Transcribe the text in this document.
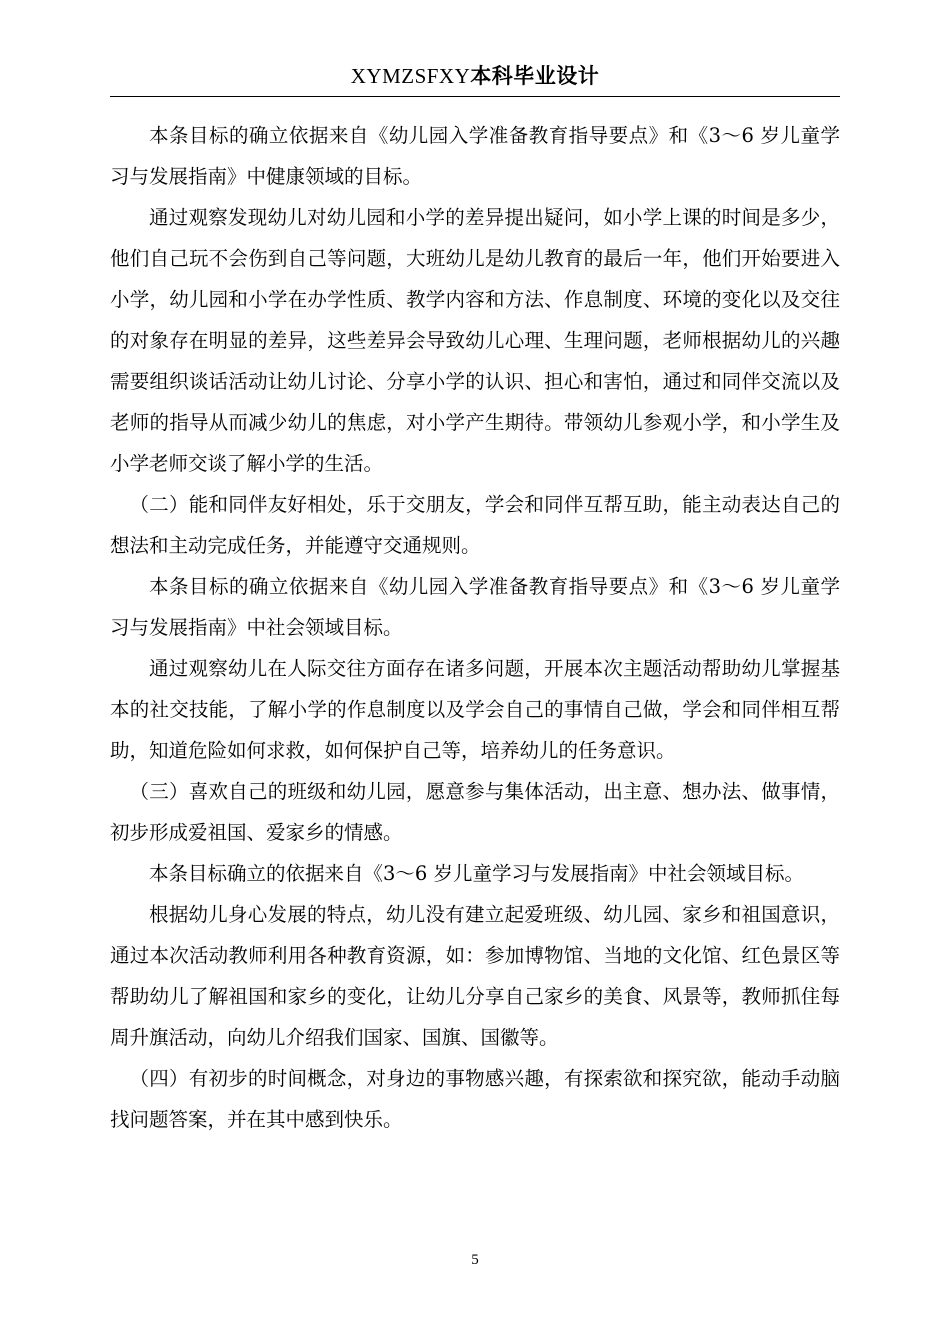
XYMZSFXY本科毕业设计

本条目标的确立依据来自《幼儿园入学准备教育指导要点》和《3～6 岁儿童学习与发展指南》中健康领域的目标。

通过观察发现幼儿对幼儿园和小学的差异提出疑问，如小学上课的时间是多少，他们自己玩不会伤到自己等问题，大班幼儿是幼儿教育的最后一年，他们开始要进入小学，幼儿园和小学在办学性质、教学内容和方法、作息制度、环境的变化以及交往的对象存在明显的差异，这些差异会导致幼儿心理、生理问题，老师根据幼儿的兴趣需要组织谈话活动让幼儿讨论、分享小学的认识、担心和害怕，通过和同伴交流以及老师的指导从而减少幼儿的焦虑，对小学产生期待。带领幼儿参观小学，和小学生及小学老师交谈了解小学的生活。

（二）能和同伴友好相处，乐于交朋友，学会和同伴互帮互助，能主动表达自己的想法和主动完成任务，并能遵守交通规则。

本条目标的确立依据来自《幼儿园入学准备教育指导要点》和《3～6 岁儿童学习与发展指南》中社会领域目标。

通过观察幼儿在人际交往方面存在诸多问题，开展本次主题活动帮助幼儿掌握基本的社交技能，了解小学的作息制度以及学会自己的事情自己做，学会和同伴相互帮助，知道危险如何求救，如何保护自己等，培养幼儿的任务意识。

（三）喜欢自己的班级和幼儿园，愿意参与集体活动，出主意、想办法、做事情，初步形成爱祖国、爱家乡的情感。

本条目标确立的依据来自《3～6 岁儿童学习与发展指南》中社会领域目标。

根据幼儿身心发展的特点，幼儿没有建立起爱班级、幼儿园、家乡和祖国意识，通过本次活动教师利用各种教育资源，如：参加博物馆、当地的文化馆、红色景区等帮助幼儿了解祖国和家乡的变化，让幼儿分享自己家乡的美食、风景等，教师抓住每周升旗活动，向幼儿介绍我们国家、国旗、国徽等。

（四）有初步的时间概念，对身边的事物感兴趣，有探索欲和探究欲，能动手动脑找问题答案，并在其中感到快乐。

5
